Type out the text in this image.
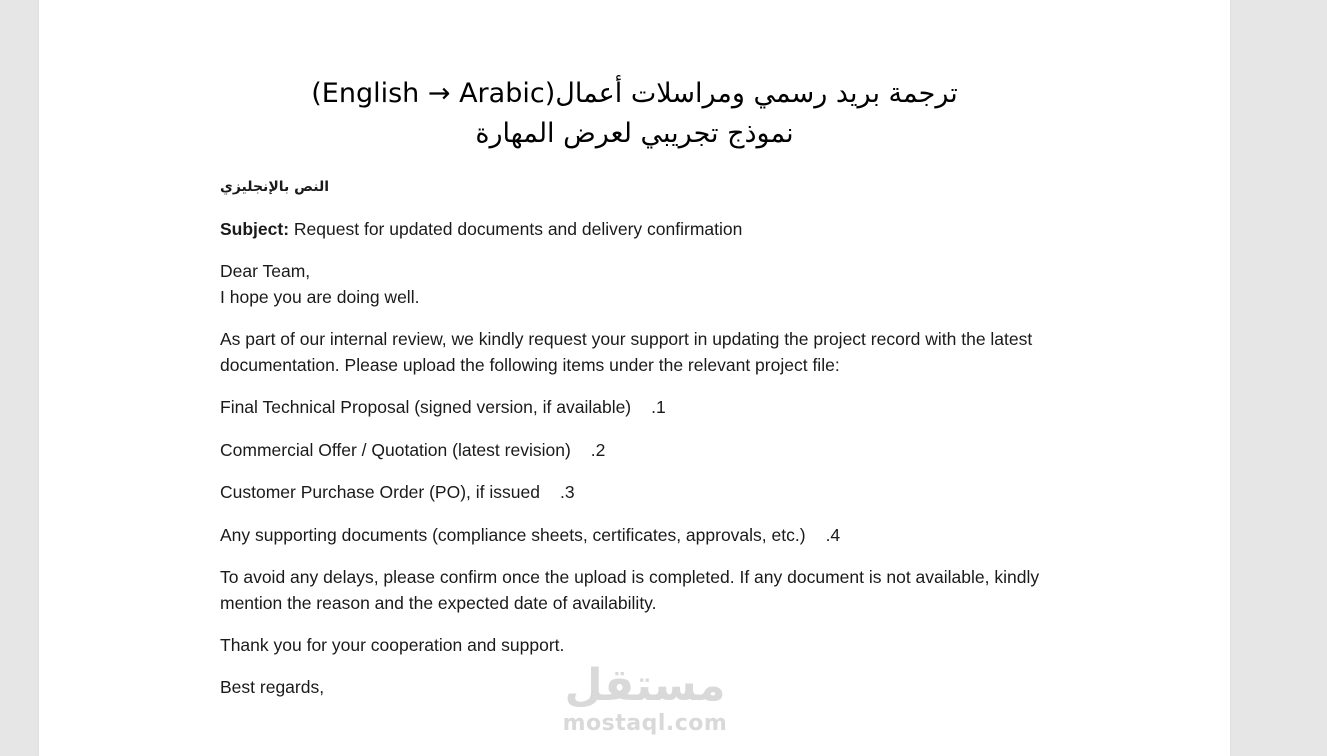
ترجمة بريد رسمي ومراسلات أعمال(English → Arabic)
نموذج تجريبي لعرض المهارة
النص بالإنجليزي

Subject: Request for updated documents and delivery confirmation

Dear Team,
I hope you are doing well.

As part of our internal review, we kindly request your support in updating the project record with the latest documentation. Please upload the following items under the relevant project file:

Final Technical Proposal (signed version, if available) .1
Commercial Offer / Quotation (latest revision) .2
Customer Purchase Order (PO), if issued .3
Any supporting documents (compliance sheets, certificates, approvals, etc.) .4

To avoid any delays, please confirm once the upload is completed. If any document is not available, kindly mention the reason and the expected date of availability.

Thank you for your cooperation and support.

Best regards,	مستقل
mostaql.com
